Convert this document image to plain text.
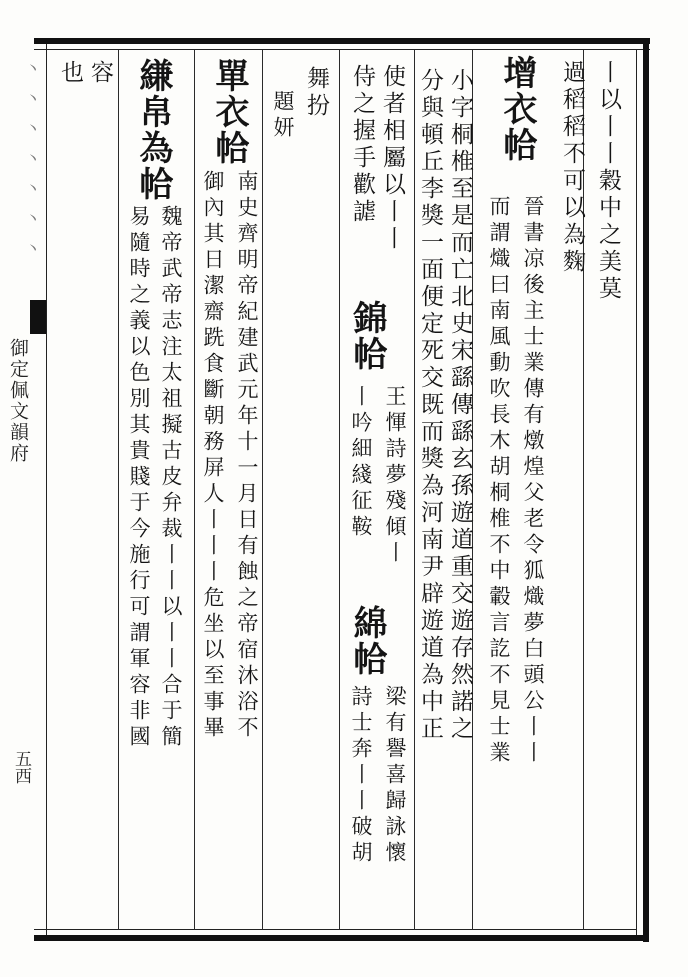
丶丶丶丶丶丶丶
御定佩文韻府
五西
丨以丨丨穀中之美莫
過稻稻不可以為麴
增衣帢
晉書凉後主士業傳有燉煌父老令狐熾夢白頭公丨丨
而謂熾曰南風動吹長木胡桐椎不中轂言訖不見士業
小字桐椎至是而亡北史宋繇傳繇玄孫遊道重交遊存然諾之
分與頓丘李獎一面便定死交既而獎為河南尹辟遊道為中正
使者相屬以丨丨
侍之握手歡謔
錦帢
王惲詩夢殘傾丨
丨吟細綫征鞍
綿帢
梁有譽喜歸詠懷
詩士奔丨丨破胡
舞扮
題妍
單衣帢
南史齊明帝紀建武元年十一月日有蝕之帝宿沐浴不
御內其日潔齋跣食斷朝務屏人丨丨丨危坐以至事畢
縑帛為帢
魏帝武帝志注太祖擬古皮弁裁丨丨以丨丨合于簡
易隨時之義以色別其貴賤于今施行可謂軍容非國
容
也
